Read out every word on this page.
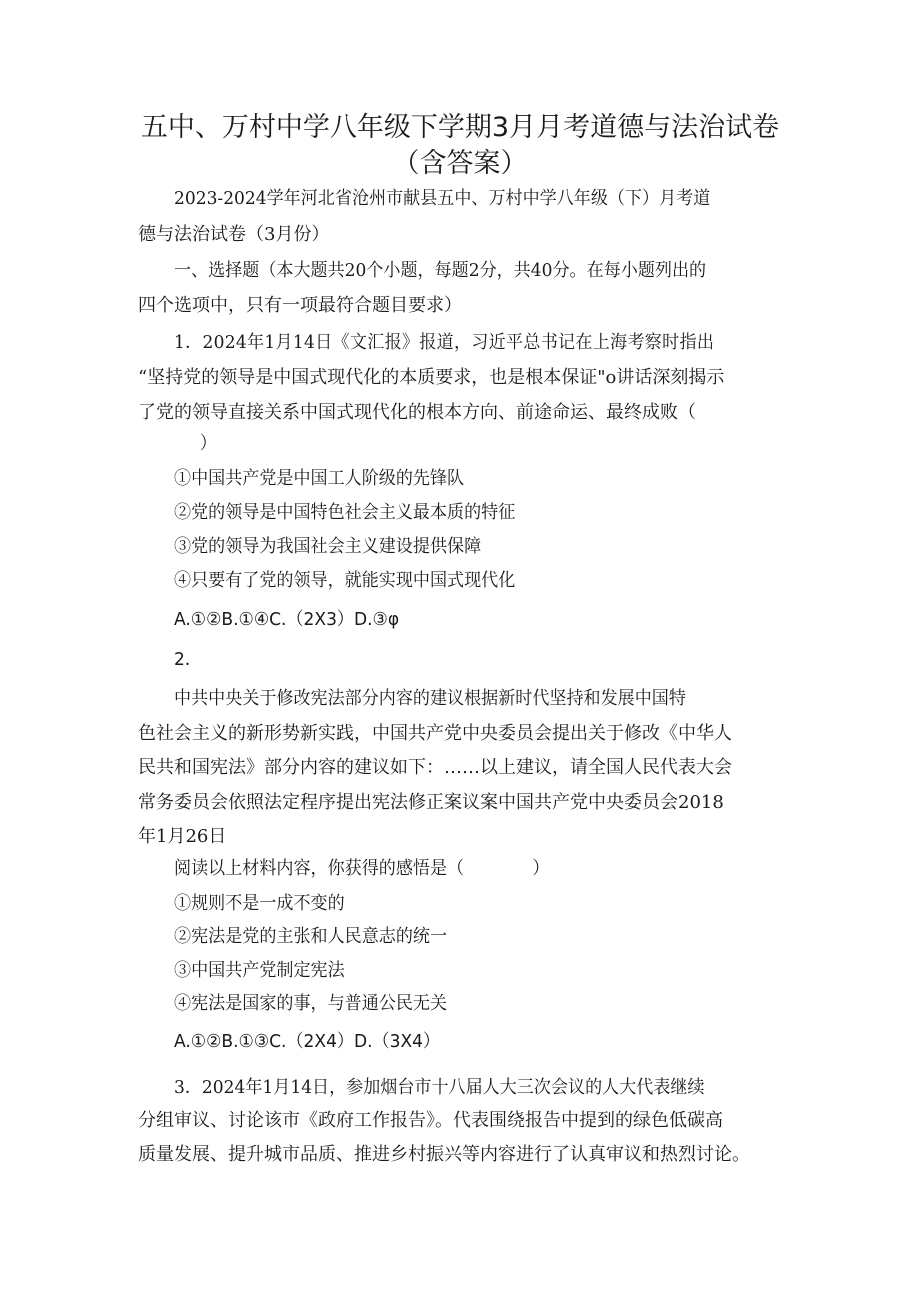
五中、万村中学八年级下学期3月月考道德与法治试卷
（含答案）

2023-2024学年河北省沧州市献县五中、万村中学八年级（下）月考道

德与法治试卷（3月份）

一、选择题（本大题共20个小题，每题2分，共40分。在每小题列出的

四个选项中，只有一项最符合题目要求）

1．2024年1月14日《文汇报》报道，习近平总书记在上海考察时指出

“坚持党的领导是中国式现代化的本质要求，也是根本保证"o讲话深刻揭示

了党的领导直接关系中国式现代化的根本方向、前途命运、最终成败（

）

①中国共产党是中国工人阶级的先锋队

②党的领导是中国特色社会主义最本质的特征

③党的领导为我国社会主义建设提供保障

④只要有了党的领导，就能实现中国式现代化

A.①②B.①④C.（2X3）D.③φ

2．

中共中央关于修改宪法部分内容的建议根据新时代坚持和发展中国特

色社会主义的新形势新实践，中国共产党中央委员会提出关于修改《中华人

民共和国宪法》部分内容的建议如下：……以上建议，请全国人民代表大会

常务委员会依照法定程序提出宪法修正案议案中国共产党中央委员会2018

年1月26日

阅读以上材料内容，你获得的感悟是（　　　　）

①规则不是一成不变的

②宪法是党的主张和人民意志的统一

③中国共产党制定宪法

④宪法是国家的事，与普通公民无关

A.①②B.①③C.（2X4）D.（3X4）

3．2024年1月14日，参加烟台市十八届人大三次会议的人大代表继续

分组审议、讨论该市《政府工作报告》。代表围绕报告中提到的绿色低碳高

质量发展、提升城市品质、推进乡村振兴等内容进行了认真审议和热烈讨论。
